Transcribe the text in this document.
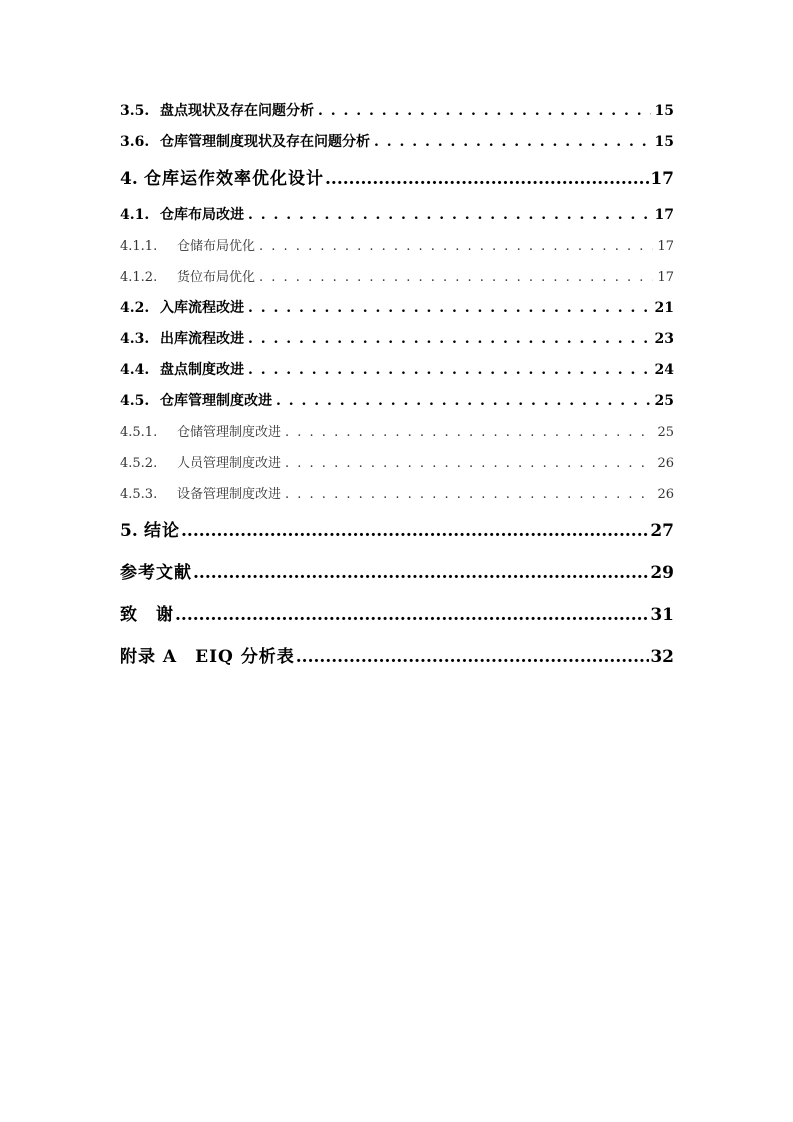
3.5. 盘点现状及存在问题分析 . . .	15
3.6. 仓库管理制度现状及存在问题分析 . . .	15
4. 仓库运作效率优化设计 .....	17
4.1. 仓库布局改进 . . .	17
4.1.1.	仓储布局优化 . . .	17
4.1.2.	货位布局优化 . . .	17
4.2. 入库流程改进 . . .	21
4.3. 出库流程改进 . . .	23
4.4. 盘点制度改进 . . .	24
4.5. 仓库管理制度改进 . . .	25
4.5.1.	仓储管理制度改进 . . .	25
4.5.2.	人员管理制度改进 . . .	26
4.5.3.	设备管理制度改进 . . .	26
5. 结论 .....	27
参考文献 .....	29
致　谢 .....	31
附录 A　EIQ 分析表 .....	32
